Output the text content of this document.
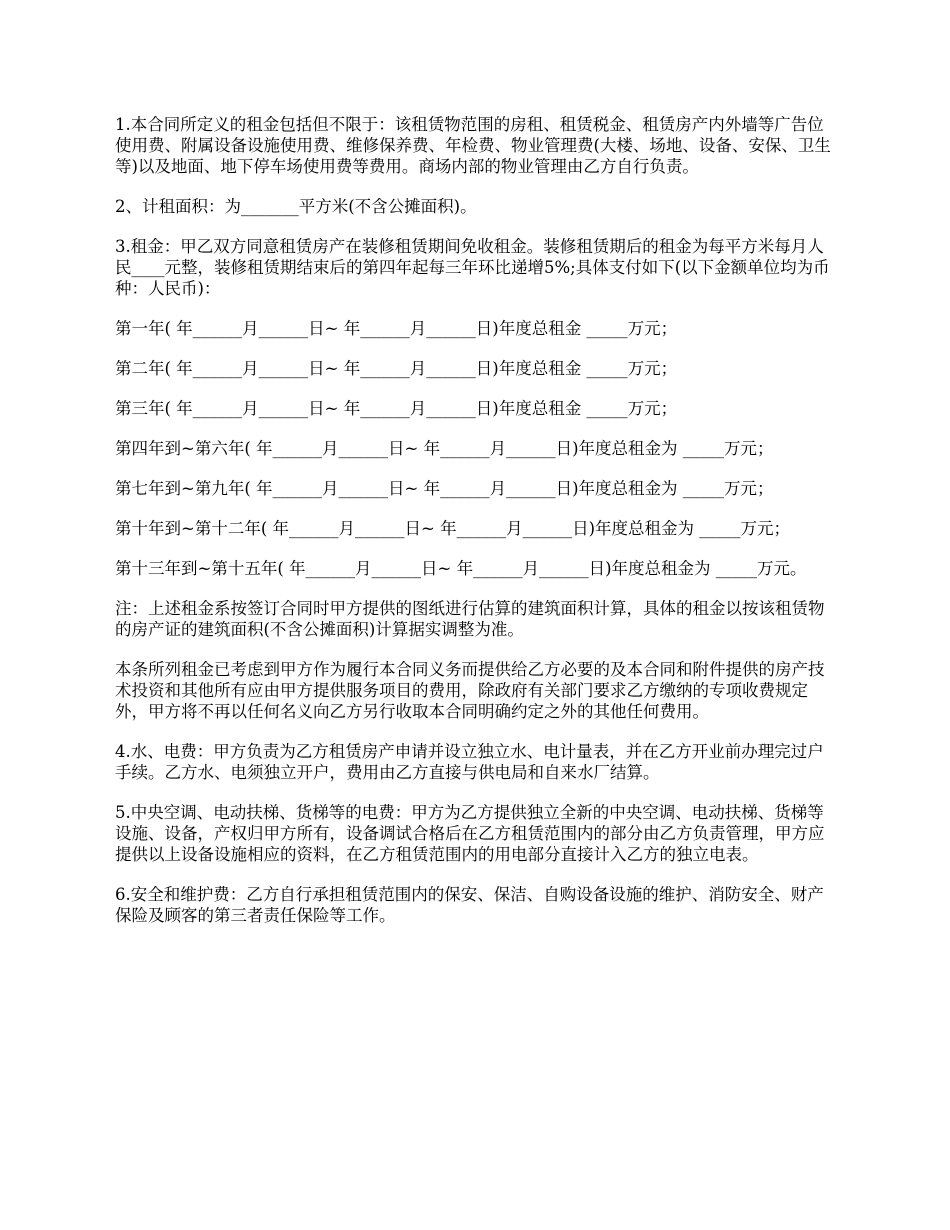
1.本合同所定义的租金包括但不限于：该租赁物范围的房租、租赁税金、租赁房产内外墙等广告位使用费、附属设备设施使用费、维修保养费、年检费、物业管理费(大楼、场地、设备、安保、卫生等)以及地面、地下停车场使用费等费用。商场内部的物业管理由乙方自行负责。

2、计租面积：为_______平方米(不含公摊面积)。

3.租金：甲乙双方同意租赁房产在装修租赁期间免收租金。装修租赁期后的租金为每平方米每月人民____元整，装修租赁期结束后的第四年起每三年环比递增5%;具体支付如下(以下金额单位均为币种：人民币)：

第一年( 年______月______日~ 年______月______日)年度总租金 _____万元；

第二年( 年______月______日~ 年______月______日)年度总租金 _____万元；

第三年( 年______月______日~ 年______月______日)年度总租金 _____万元；

第四年到~第六年( 年______月______日~ 年______月______日)年度总租金为 _____万元；

第七年到~第九年( 年______月______日~ 年______月______日)年度总租金为 _____万元；

第十年到~第十二年( 年______月______日~ 年______月______日)年度总租金为 _____万元；

第十三年到~第十五年( 年______月______日~ 年______月______日)年度总租金为 _____万元。

注：上述租金系按签订合同时甲方提供的图纸进行估算的建筑面积计算，具体的租金以按该租赁物的房产证的建筑面积(不含公摊面积)计算据实调整为准。

本条所列租金已考虑到甲方作为履行本合同义务而提供给乙方必要的及本合同和附件提供的房产技术投资和其他所有应由甲方提供服务项目的费用，除政府有关部门要求乙方缴纳的专项收费规定外，甲方将不再以任何名义向乙方另行收取本合同明确约定之外的其他任何费用。

4.水、电费：甲方负责为乙方租赁房产申请并设立独立水、电计量表，并在乙方开业前办理完过户手续。乙方水、电须独立开户，费用由乙方直接与供电局和自来水厂结算。

5.中央空调、电动扶梯、货梯等的电费：甲方为乙方提供独立全新的中央空调、电动扶梯、货梯等设施、设备，产权归甲方所有，设备调试合格后在乙方租赁范围内的部分由乙方负责管理，甲方应提供以上设备设施相应的资料，在乙方租赁范围内的用电部分直接计入乙方的独立电表。

6.安全和维护费：乙方自行承担租赁范围内的保安、保洁、自购设备设施的维护、消防安全、财产保险及顾客的第三者责任保险等工作。
